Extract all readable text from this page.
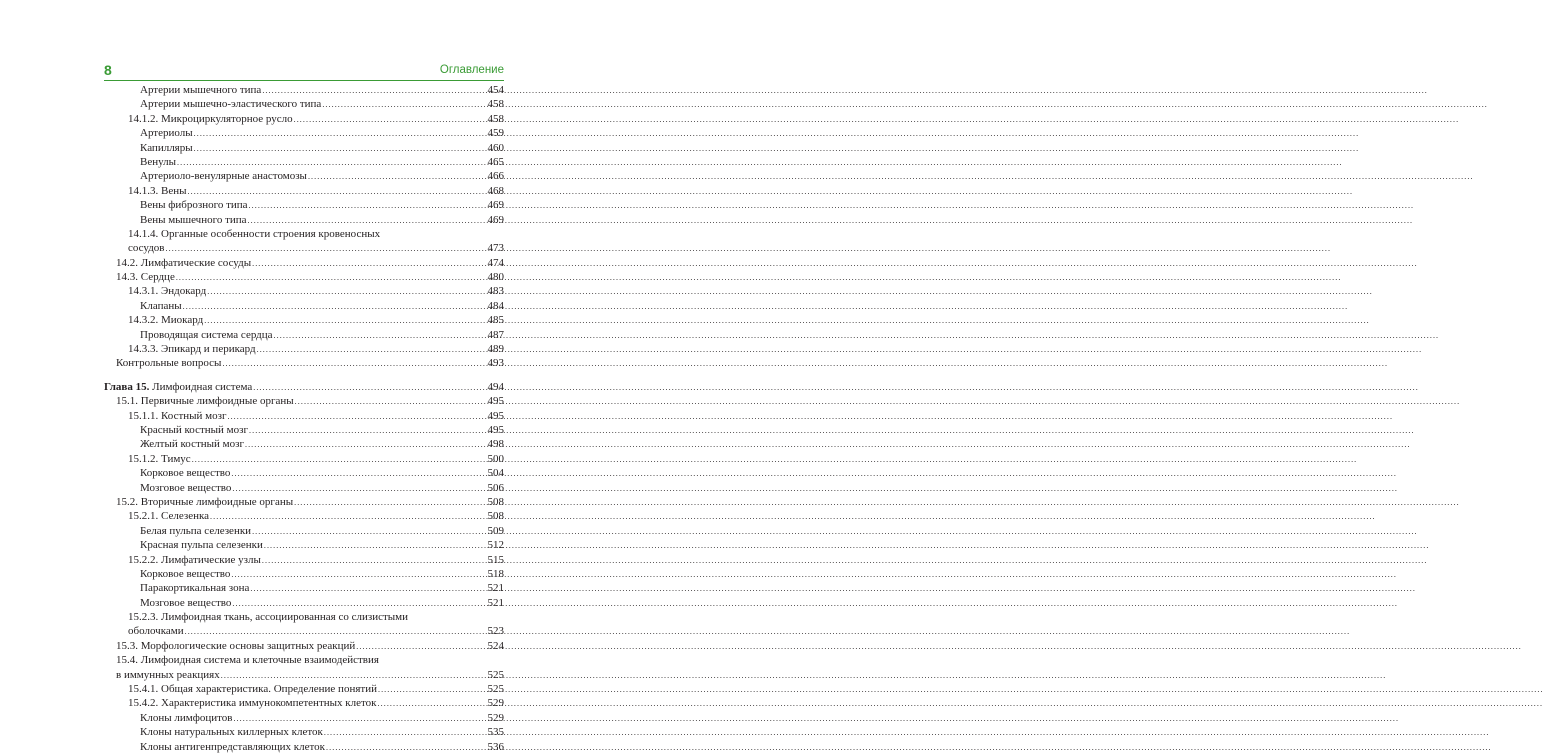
8	Оглавление
Артерии мышечного типа .....	454
Артерии мышечно-эластического типа .....	458
14.1.2. Микроциркуляторное русло .....	458
Артериолы .....	459
Капилляры .....	460
Венулы .....	465
Артериоло-венулярные анастомозы .....	466
14.1.3. Вены .....	468
Вены фиброзного типа .....	469
Вены мышечного типа .....	469
14.1.4. Органные особенности строения кровеносных
сосудов .....	473
14.2. Лимфатические сосуды .....	474
14.3. Сердце .....	480
14.3.1. Эндокард .....	483
Клапаны .....	484
14.3.2. Миокард .....	485
Проводящая система сердца .....	487
14.3.3. Эпикард и перикард .....	489
Контрольные вопросы .....	493
Глава 15. Лимфоидная система .....	494
15.1. Первичные лимфоидные органы .....	495
15.1.1. Костный мозг .....	495
Красный костный мозг .....	495
Желтый костный мозг .....	498
15.1.2. Тимус .....	500
Корковое вещество .....	504
Мозговое вещество .....	506
15.2. Вторичные лимфоидные органы .....	508
15.2.1. Селезенка .....	508
Белая пульпа селезенки .....	509
Красная пульпа селезенки .....	512
15.2.2. Лимфатические узлы .....	515
Корковое вещество .....	518
Паракортикальная зона .....	521
Мозговое вещество .....	521
15.2.3. Лимфоидная ткань, ассоциированная со слизистыми
оболочками .....	523
15.3. Морфологические основы защитных реакций .....	524
15.4. Лимфоидная система и клеточные взаимодействия
в иммунных реакциях .....	525
15.4.1. Общая характеристика. Определение понятий .....	525
15.4.2. Характеристика иммунокомпетентных клеток .....	529
Клоны лимфоцитов .....	529
Клоны натуральных киллерных клеток .....	535
Клоны антигенпредставляющих клеток .....	536
